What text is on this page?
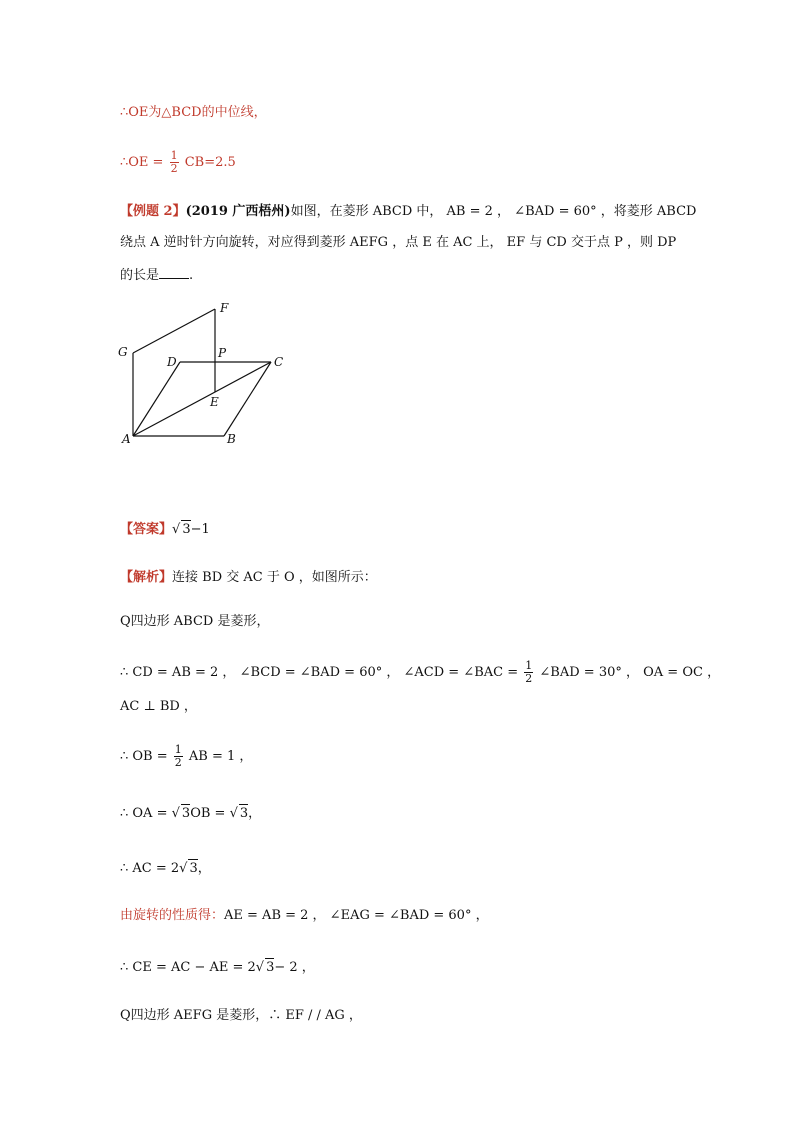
∴OE为△BCD的中位线，
∴OE = $\frac{1}{2} CB=2.5$
【例题 2】(2019 广西梧州)如图，在菱形 ABCD 中， AB = 2 ， ∠BAD = 60° ，将菱形 ABCD
绕点 A 逆时针方向旋转，对应得到菱形 AEFG ，点 E 在 AC 上， EF 与 CD 交于点 P ，则 DP
的长是 .
A	B
C
D
E
F
G	P
【答案】√ 3−1
【解析】连接 BD 交 AC 于 O ，如图所示：
Q四边形 ABCD 是菱形，
∴ CD = AB = 2 ， ∠BCD = ∠BAD = 60° ， ∠ACD = ∠BAC = $\frac{1}{2}$ ∠BAD = 30° ， OA = OC ，
AC ⊥ BD ，
∴ OB = $\frac{1}{2}$ AB = 1 ，
∴ OA = √ 3OB = √ 3，
∴ AC = 2√ 3，
由旋转的性质得：AE = AB = 2 ， ∠EAG = ∠BAD = 60° ，
∴ CE = AC − AE = 2√ 3− 2 ，
Q四边形 AEFG 是菱形，∴ EF / / AG ，
